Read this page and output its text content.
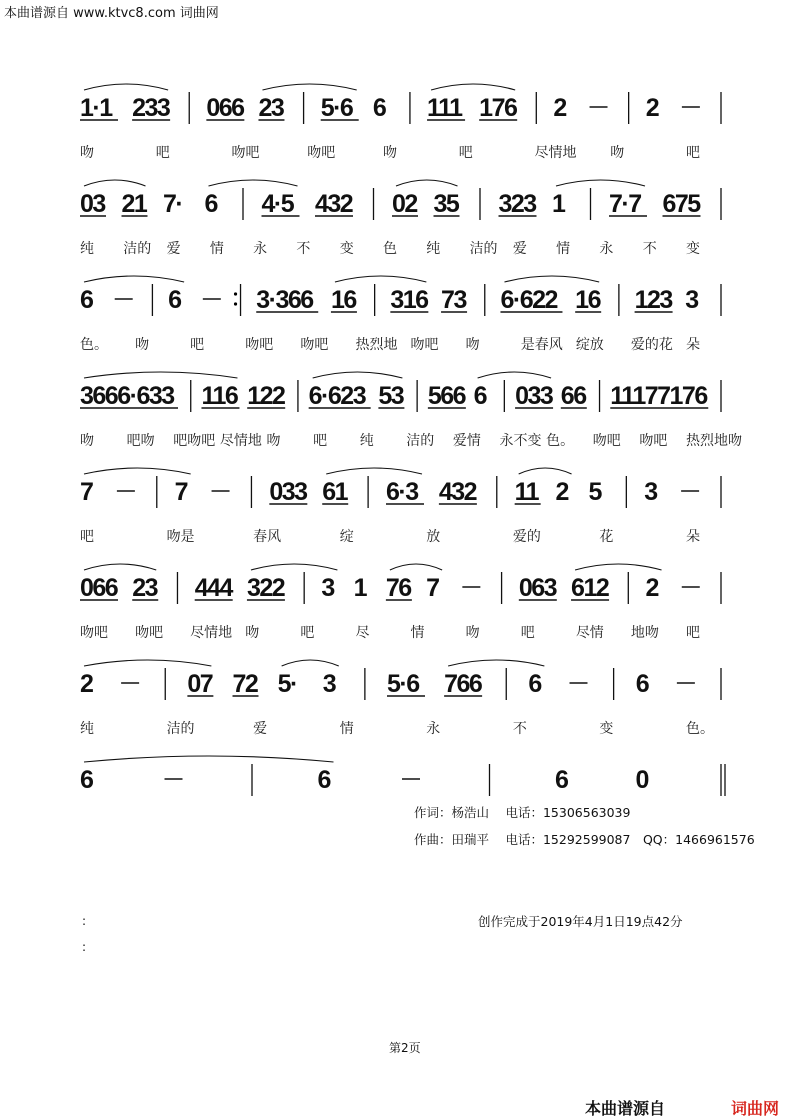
本曲谱源自 www.ktvc8.com 词曲网
1·1 233 066 23 5·6 6 111 176 2	2
吻	吧	吻吧	吻吧	吻	吧	尽情地 吻	吧
03 21 7· 6 4·5 432 02 35 323 1 7·7 675
纯 洁的 爱 情 永 不 变 色 纯 洁的 爱 情 永 不 变
6	6	3·366 16 316 73 6·622 16 123 3
色。 吻	吧	吻吧 吻吧 热烈地 吻吧 吻	是春风 绽放 爱的花 朵
3666·633 116 122 6·623 53 566 6 033 66 11177176
吻 吧吻 吧吻吧 尽情地 吻 吧 纯 洁的 爱情 永不变 色。 吻吧 吻吧 热烈地吻
7	7	033 61 6·3 432 11 2 5 3
吧	吻是	春风	绽	放	爱的	花	朵
066 23 444 322 3 1 76 7	063 612 2
吻吧 吻吧 尽情地 吻	吧	尽	情	吻	吧	尽情 地吻 吧
2	07 72 5· 3 5·6 766 6	6
纯	洁的	爱	情	永	不	变	色。
6	6	6	0
作词：杨浩山　 电话：15306563039
作曲：田瑞平　 电话：15292599087　QQ：1466961576
创作完成于2019年4月1日19点42分
:
:
第2页
本曲谱源自	词曲网
